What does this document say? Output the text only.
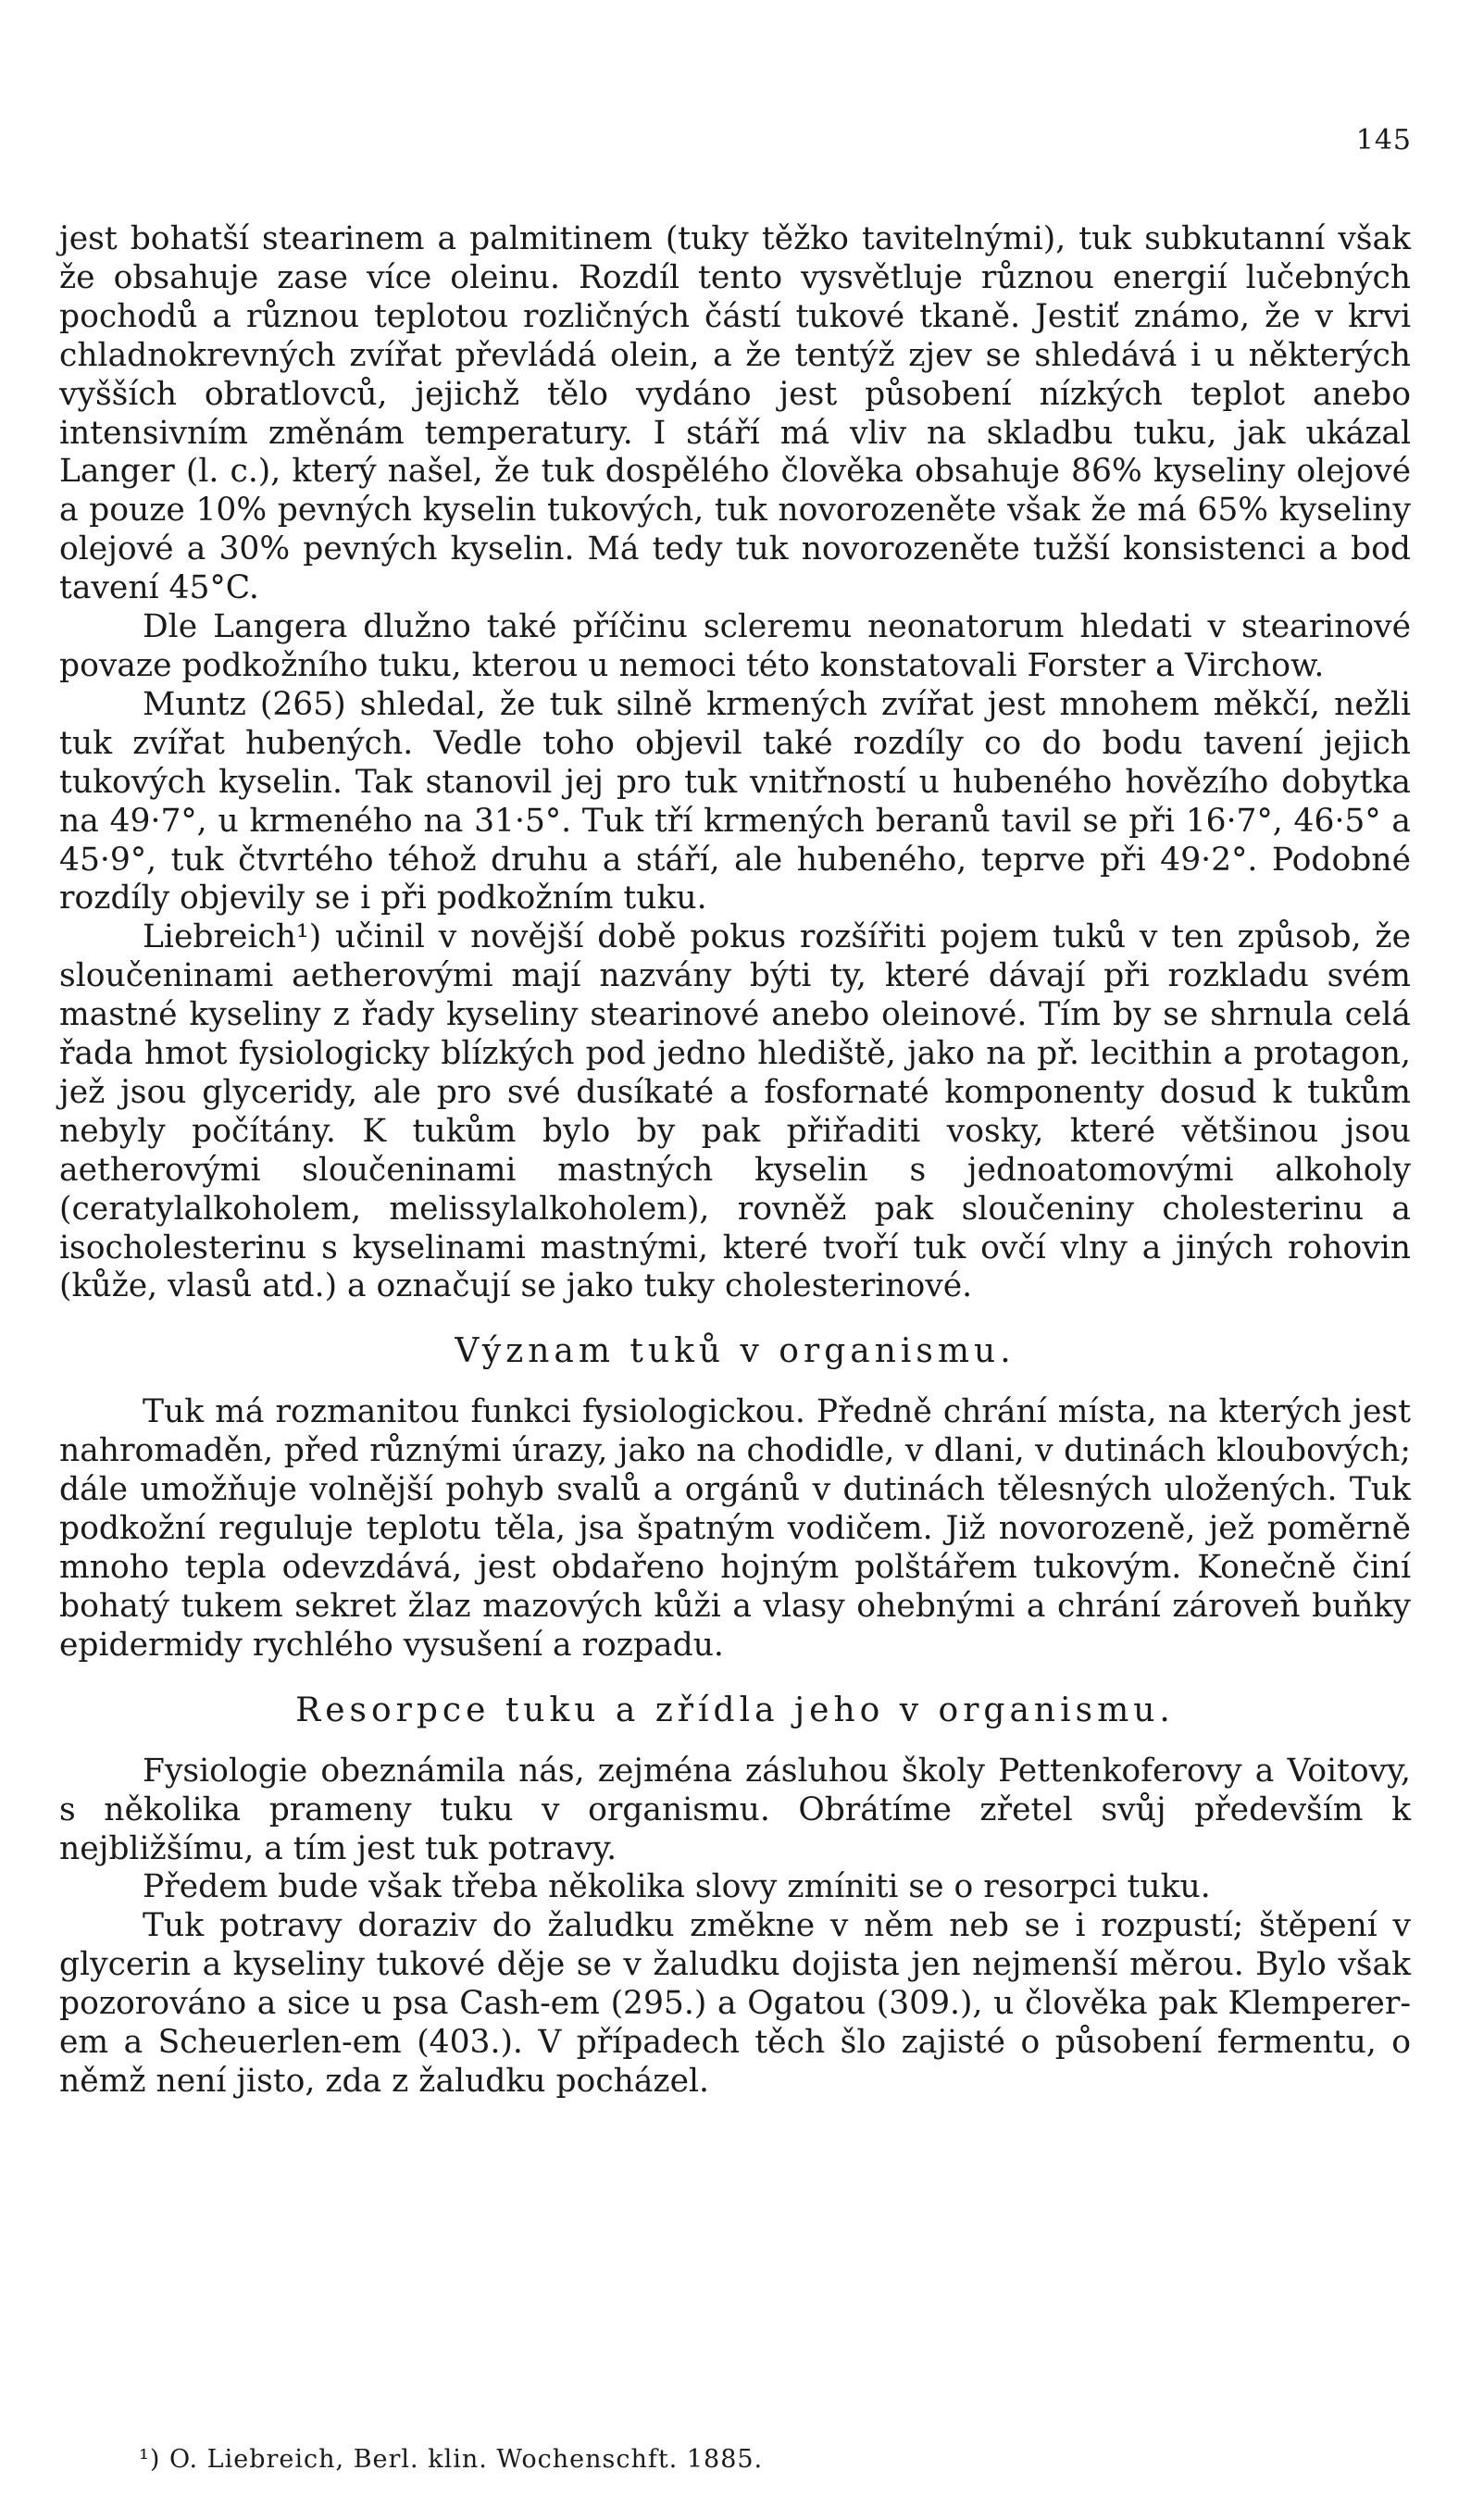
145

jest bohatší stearinem a palmitinem (tuky těžko tavitelnými), tuk subkutanní však že obsahuje zase více oleinu. Rozdíl tento vysvětluje různou energií lučebných pochodů a různou teplotou rozličných částí tukové tkaně. Jestiť známo, že v krvi chladnokrevných zvířat převládá olein, a že tentýž zjev se shledává i u některých vyšších obratlovců, jejichž tělo vydáno jest působení nízkých teplot anebo intensivním změnám temperatury. I stáří má vliv na skladbu tuku, jak ukázal Langer (l. c.), který našel, že tuk dospělého člověka obsahuje 86% kyseliny olejové a pouze 10% pevných kyselin tukových, tuk novorozeněte však že má 65% kyseliny olejové a 30% pevných kyselin. Má tedy tuk novorozeněte tužší konsistenci a bod tavení 45°C.

Dle Langera dlužno také příčinu scleremu neonatorum hledati v stearinové povaze podkožního tuku, kterou u nemoci této konstatovali Forster a Virchow.

Muntz (265) shledal, že tuk silně krmených zvířat jest mnohem měkčí, nežli tuk zvířat hubených. Vedle toho objevil také rozdíly co do bodu tavení jejich tukových kyselin. Tak stanovil jej pro tuk vnitřností u hubeného hovězího dobytka na 49·7°, u krmeného na 31·5°. Tuk tří krmených beranů tavil se při 16·7°, 46·5° a 45·9°, tuk čtvrtého téhož druhu a stáří, ale hubeného, teprve při 49·2°. Podobné rozdíly objevily se i při podkožním tuku.

Liebreich¹) učinil v novější době pokus rozšířiti pojem tuků v ten způsob, že sloučeninami aetherovými mají nazvány býti ty, které dávají při rozkladu svém mastné kyseliny z řady kyseliny stearinové anebo oleinové. Tím by se shrnula celá řada hmot fysiologicky blízkých pod jedno hlediště, jako na př. lecithin a protagon, jež jsou glyceridy, ale pro své dusíkaté a fosfornaté komponenty dosud k tukům nebyly počítány. K tukům bylo by pak přiřaditi vosky, které většinou jsou aetherovými sloučeninami mastných kyselin s jednoatomovými alkoholy (ceratylalkoholem, melissylalkoholem), rovněž pak sloučeniny cholesterinu a isocholesterinu s kyselinami mastnými, které tvoří tuk ovčí vlny a jiných rohovin (kůže, vlasů atd.) a označují se jako tuky cholesterinové.

Význam tuků v organismu.

Tuk má rozmanitou funkci fysiologickou. Předně chrání místa, na kterých jest nahromaděn, před různými úrazy, jako na chodidle, v dlani, v dutinách kloubových; dále umožňuje volnější pohyb svalů a orgánů v dutinách tělesných uložených. Tuk podkožní reguluje teplotu těla, jsa špatným vodičem. Již novorozeně, jež poměrně mnoho tepla odevzdává, jest obdařeno hojným polštářem tukovým. Konečně činí bohatý tukem sekret žlaz mazových kůži a vlasy ohebnými a chrání zároveň buňky epidermidy rychlého vysušení a rozpadu.

Resorpce tuku a zřídla jeho v organismu.

Fysiologie obeznámila nás, zejména zásluhou školy Pettenkoferovy a Voitovy, s několika prameny tuku v organismu. Obrátíme zřetel svůj především k nejbližšímu, a tím jest tuk potravy.

Předem bude však třeba několika slovy zmíniti se o resorpci tuku.

Tuk potravy doraziv do žaludku změkne v něm neb se i rozpustí; štěpení v glycerin a kyseliny tukové děje se v žaludku dojista jen nejmenší měrou. Bylo však pozorováno a sice u psa Cash-em (295.) a Ogatou (309.), u člověka pak Klemperer-em a Scheuerlen-em (403.). V případech těch šlo zajisté o působení fermentu, o němž není jisto, zda z žaludku pocházel.

¹) O. Liebreich, Berl. klin. Wochenschft. 1885.
